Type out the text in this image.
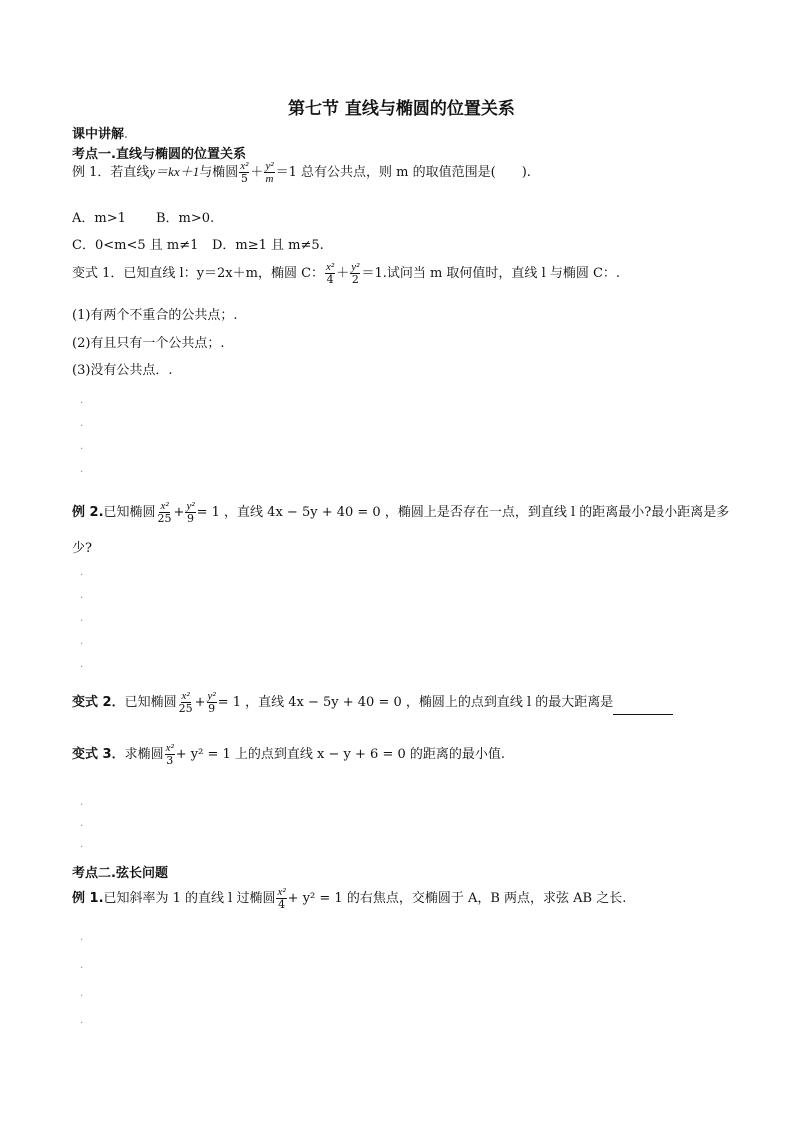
第七节 直线与椭圆的位置关系
课中讲解.
考点一.直线与椭圆的位置关系
例 1．若直线y＝kx＋1与椭圆 $\frac{\text{x²}}{5} + \frac{\text{y²}}{m} =1$ 总有公共点，则 m 的取值范围是(　　).
A．m>1 B．m>0.
C．0<m<5 且 m≠1 D．m≥1 且 m≠5.
变式 1．已知直线 l：y＝2x＋m，椭圆 C： $\frac{\text{x²}}{4} + \frac{\text{y²}}{2} =1$.试问当 m 取何值时，直线 l 与椭圆 C：.
(1)有两个不重合的公共点；.
(2)有且只有一个公共点；.
(3)没有公共点．.
.
.
.
.
例 2.已知椭圆 $\frac{\text{x²}}{25} + \frac{\text{y²}}{9} = 1$ ，直线 4x − 5y + 40 = 0 ，椭圆上是否存在一点，到直线 l 的距离最小?最小距离是多
少?
.
.
.
.
.
变式 2．已知椭圆 $\frac{\text{x²}}{25} + \frac{\text{y²}}{9} = 1$ ，直线 4x − 5y + 40 = 0 ，椭圆上的点到直线 l 的最大距离是
变式 3．求椭圆 $\frac{\text{x²}}{3} + y^2 = 1$ 上的点到直线 x − y + 6 = 0 的距离的最小值.
.
.
.
考点二.弦长问题
例 1.已知斜率为 1 的直线 l 过椭圆 $\frac{\text{x²}}{4} + y^2 = 1$ 的右焦点，交椭圆于 A，B 两点，求弦 AB 之长.
.
.
.
.
